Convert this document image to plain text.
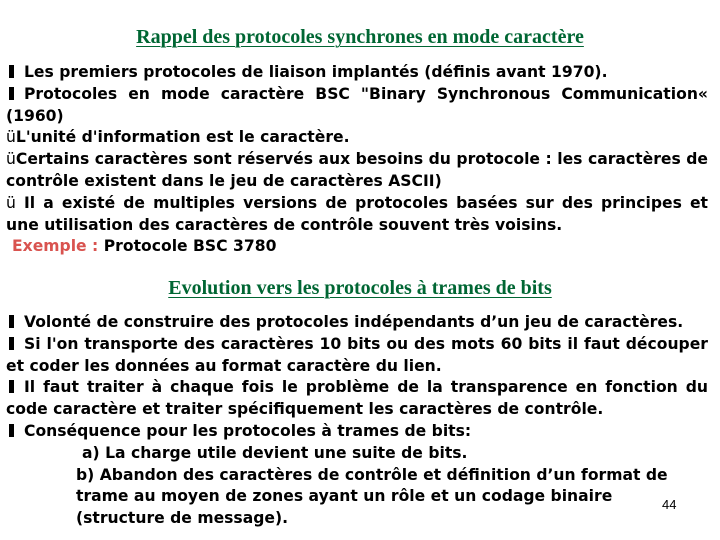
Rappel des protocoles synchrones en mode caractère

Les premiers protocoles de liaison implantés (définis avant 1970).

Protocoles en mode caractère BSC "Binary Synchronous Communication« (1960)

üL'unité d'information est le caractère.

üCertains caractères sont réservés aux besoins du protocole : les caractères de contrôle existent dans le jeu de caractères ASCII)

ü Il a existé de multiples versions de protocoles basées sur des principes et une utilisation des caractères de contrôle souvent très voisins.

Exemple : Protocole BSC 3780

Evolution vers les protocoles à trames de bits

Volonté de construire des protocoles indépendants d’un jeu de caractères.

Si l'on transporte des caractères 10 bits ou des mots 60 bits il faut découper et coder les données au format caractère du lien.

Il faut traiter à chaque fois le problème de la transparence en fonction du code caractère et traiter spécifiquement les caractères de contrôle.

Conséquence pour les protocoles à trames de bits:

a) La charge utile devient une suite de bits.

b) Abandon des caractères de contrôle et définition d’un format de

trame au moyen de zones ayant un rôle et un codage binaire

(structure de message).

44
